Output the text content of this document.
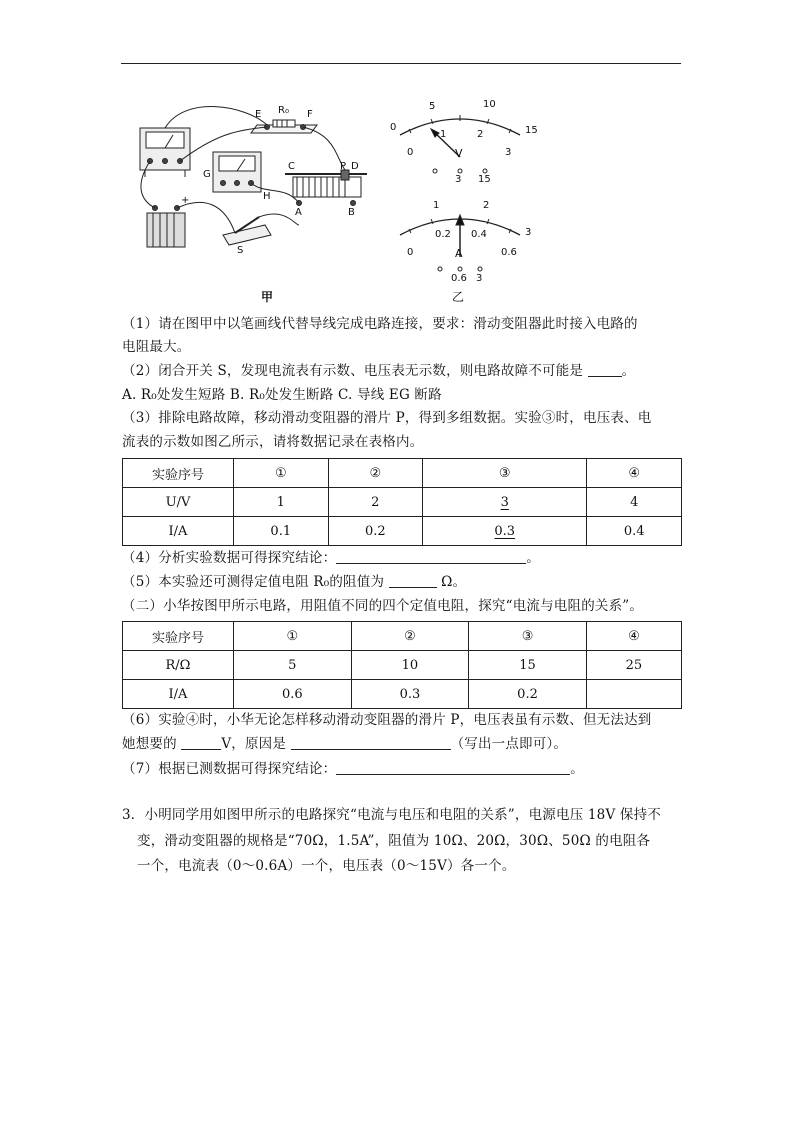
E R₀ F
C	P D
A	B
G
H
S
+
甲
0
5	10
15
0
1	2
3
V
3 15
1	2
3
0
0.2 0.4
0.6
A
0.6 3
乙
（1）请在图甲中以笔画线代替导线完成电路连接，要求：滑动变阻器此时接入电路的
电阻最大。
（2）闭合开关 S，发现电流表有示数、电压表无示数，则电路故障不可能是	。
A. R₀处发生短路 B. R₀处发生断路 C. 导线 EG 断路
（3）排除电路故障，移动滑动变阻器的滑片 P，得到多组数据。实验③时，电压表、电
流表的示数如图乙所示，请将数据记录在表格内。
实验序号	①	②	③	④
U/V	1	2	3	4
I/A	0.1	0.2	0.3	0.4
（4）分析实验数据可得探究结论：	。
（5）本实验还可测得定值电阻 R₀的阻值为	Ω。
（二）小华按图甲所示电路，用阻值不同的四个定值电阻，探究“电流与电阻的关系”。
实验序号	①	②	③	④
R/Ω	5	10	15	25
I/A	0.6	0.3	0.2	
（6）实验④时，小华无论怎样移动滑动变阻器的滑片 P，电压表虽有示数、但无法达到
她想要的	V，原因是	（写出一点即可）。
（7）根据已测数据可得探究结论：	。
3．小明同学用如图甲所示的电路探究“电流与电压和电阻的关系”，电源电压 18V 保持不
变，滑动变阻器的规格是“70Ω，1.5A”，阻值为 10Ω、20Ω，30Ω、50Ω 的电阻各
一个，电流表（0～0.6A）一个，电压表（0～15V）各一个。
